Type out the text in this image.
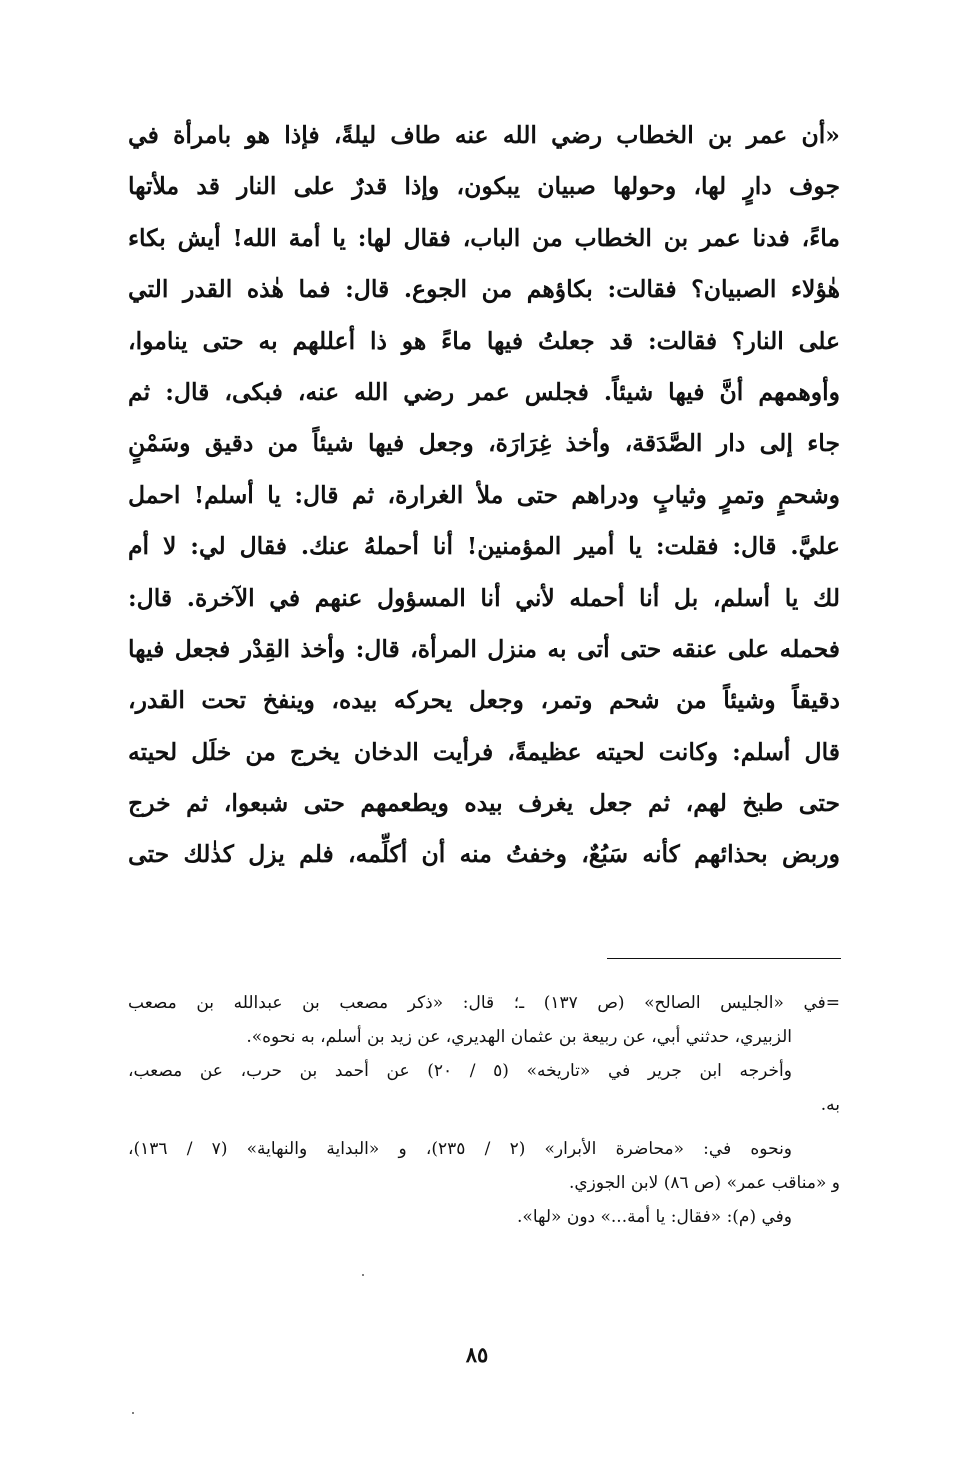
«أن عمر بن الخطاب رضي الله عنه طاف ليلةً، فإذا هو بامرأة في
جوف دارٍ لها، وحولها صبيان يبكون، وإذا قدرٌ على النار قد ملأتها
ماءً، فدنا عمر بن الخطاب من الباب، فقال لها: يا أمة الله! أيش بكاء
هٰؤلاء الصبيان؟ فقالت: بكاؤهم من الجوع. قال: فما هٰذه القدر التي
على النار؟ فقالت: قد جعلتُ فيها ماءً هو ذا أعللهم به حتى يناموا،
وأوهمهم أنَّ فيها شيئاً. فجلس عمر رضي الله عنه، فبكى، قال: ثم
جاء إلى دار الصَّدَقة، وأخذ غِرَارَة، وجعل فيها شيئاً من دقيق وسَمْنٍ
وشحمٍ وتمرٍ وثيابٍ ودراهم حتى ملأ الغرارة، ثم قال: يا أسلم! احمل
عليَّ. قال: فقلت: يا أمير المؤمنين! أنا أحملهُ عنك. فقال لي: لا أم
لك يا أسلم، بل أنا أحمله لأني أنا المسؤول عنهم في الآخرة. قال:
فحمله على عنقه حتى أتى به منزل المرأة، قال: وأخذ القِدْر فجعل فيها
دقيقاً وشيئاً من شحم وتمر، وجعل يحركه بيده، وينفخ تحت القدر،
قال أسلم: وكانت لحيته عظيمةً، فرأيت الدخان يخرج من خلَل لحيته
حتى طبخ لهم، ثم جعل يغرف بيده ويطعمهم حتى شبعوا، ثم خرج
وربض بحذائهم كأنه سَبُعٌ، وخفتُ منه أن أكلِّمه، فلم يزل كذٰلك حتى
=في «الجليس الصالح» (ص ١٣٧) ـ؛ قال: «ذكر مصعب بن عبدالله بن مصعب
الزبيري، حدثني أبي، عن ربيعة بن عثمان الهديري، عن زيد بن أسلم، به نحوه».
وأخرجه ابن جرير في «تاريخه» (٥ / ٢٠) عن أحمد بن حرب، عن مصعب،
به.
ونحوه في: «محاضرة الأبرار» (٢ / ٢٣٥)، و «البداية والنهاية» (٧ / ١٣٦)،
و «مناقب عمر» (ص ٨٦) لابن الجوزي.
وفي (م): «فقال: يا أمة...» دون «لها».
٨٥
